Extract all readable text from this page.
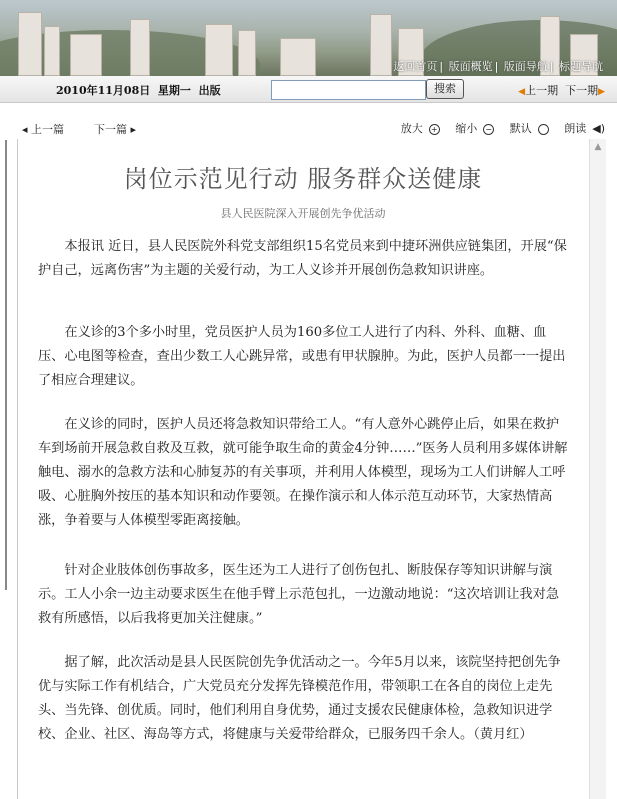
返回首页 | 版面概览 | 版面导航 | 标题导航
2010年11月08日 星期一 出版	搜索	◀上一期 下一期▶
◂ 上一篇	下一篇 ▸	放大 + 缩小 − 默认	朗读 ◀)
岗位示范见行动 服务群众送健康
县人民医院深入开展创先争优活动

本报讯 近日，县人民医院外科党支部组织15名党员来到中捷环洲供应链集团，开展“保护自己，远离伤害”为主题的关爱行动，为工人义诊并开展创伤急救知识讲座。

在义诊的3个多小时里，党员医护人员为160多位工人进行了内科、外科、血糖、血压、心电图等检查，查出少数工人心跳异常，或患有甲状腺肿。为此，医护人员都一一提出了相应合理建议。

在义诊的同时，医护人员还将急救知识带给工人。“有人意外心跳停止后，如果在救护车到场前开展急救自救及互救，就可能争取生命的黄金4分钟……”医务人员利用多媒体讲解触电、溺水的急救方法和心肺复苏的有关事项，并利用人体模型，现场为工人们讲解人工呼吸、心脏胸外按压的基本知识和动作要领。在操作演示和人体示范互动环节，大家热情高涨，争着要与人体模型零距离接触。

针对企业肢体创伤事故多，医生还为工人进行了创伤包扎、断肢保存等知识讲解与演示。工人小余一边主动要求医生在他手臂上示范包扎，一边激动地说：“这次培训让我对急救有所感悟，以后我将更加关注健康。”

据了解，此次活动是县人民医院创先争优活动之一。今年5月以来，该院坚持把创先争优与实际工作有机结合，广大党员充分发挥先锋模范作用，带领职工在各自的岗位上走先头、当先锋、创优质。同时，他们利用自身优势，通过支援农民健康体检，急救知识进学校、企业、社区、海岛等方式，将健康与关爱带给群众，已服务四千余人。（黄月红）

▲
